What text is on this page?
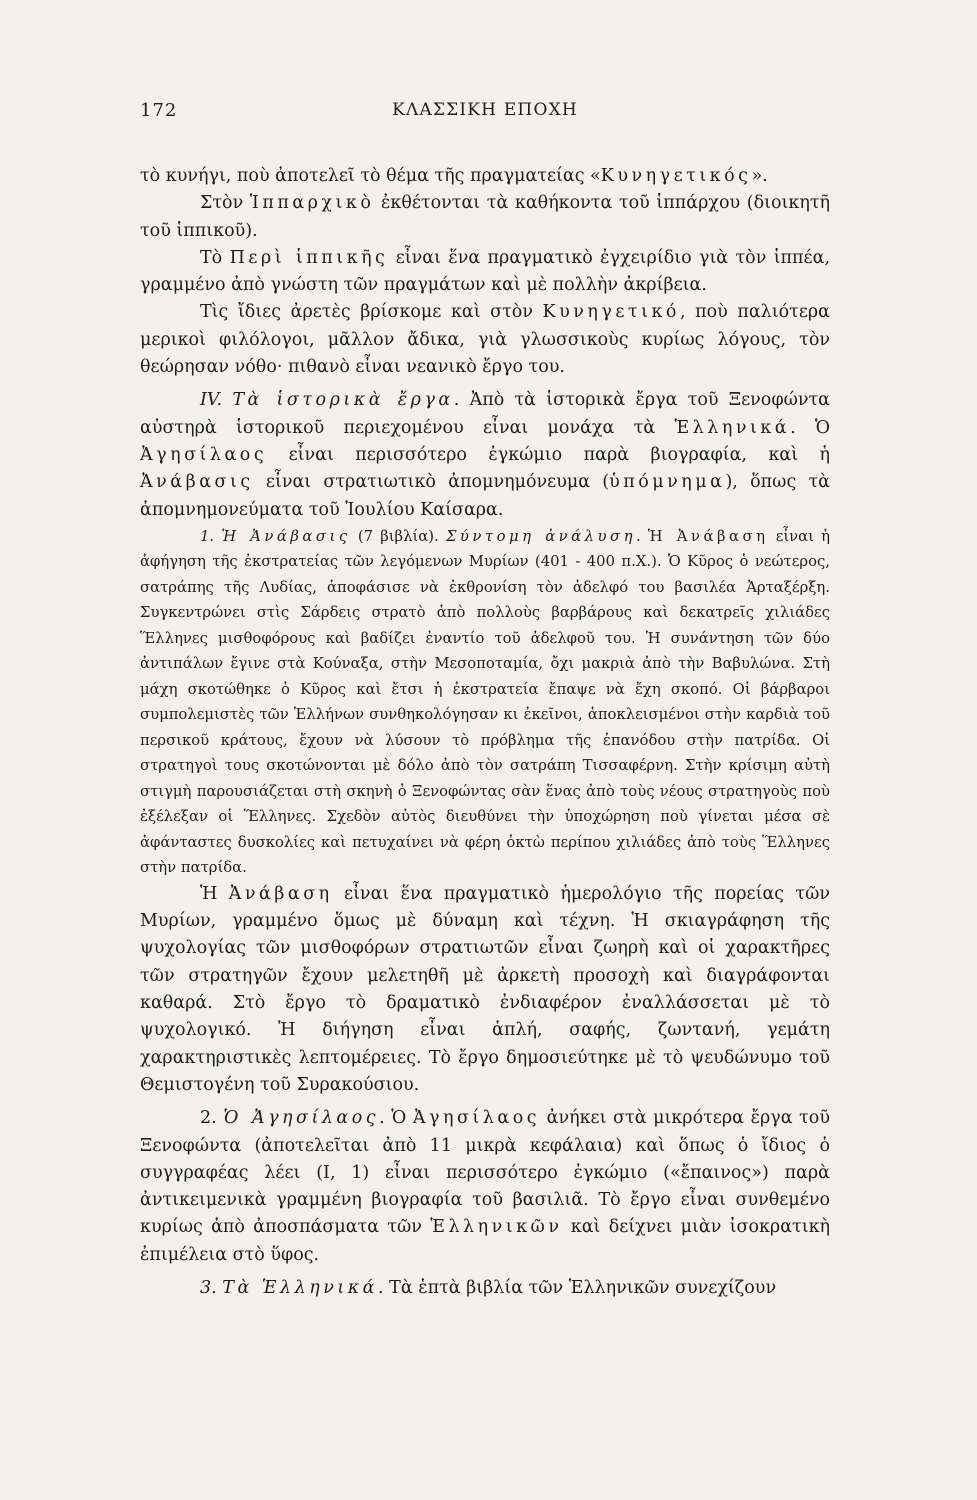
172	ΚΛΑΣΣΙΚΗ ΕΠΟΧΗ

τὸ κυνήγι, ποὺ ἀποτελεῖ τὸ θέμα τῆς πραγματείας «Κυνηγετικός».

Στὸν Ἱππαρχικὸ ἐκθέτονται τὰ καθήκοντα τοῦ ἱππάρχου (διοικητῆ τοῦ ἱππικοῦ).

Τὸ Περὶ ἱππικῆς εἶναι ἕνα πραγματικὸ ἐγχειρίδιο γιὰ τὸν ἱππέα, γραμμένο ἀπὸ γνώστη τῶν πραγμάτων καὶ μὲ πολλὴν ἀκρίβεια.

Τὶς ἴδιες ἀρετὲς βρίσκομε καὶ στὸν Κυνηγετικό, ποὺ παλιότερα μερικοὶ φιλόλογοι, μᾶλλον ἄδικα, γιὰ γλωσσικοὺς κυρίως λόγους, τὸν θεώρησαν νόθο· πιθανὸ εἶναι νεανικὸ ἔργο του.

IV. Τὰ ἱστορικὰ ἔργα. Ἀπὸ τὰ ἱστορικὰ ἔργα τοῦ Ξενοφώντα αὐστηρὰ ἱστορικοῦ περιεχομένου εἶναι μονάχα τὰ Ἑλληνικά. Ὁ Ἀγησίλαος εἶναι περισσότερο ἐγκώμιο παρὰ βιογραφία, καὶ ἡ Ἀνάβασις εἶναι στρατιωτικὸ ἀπομνημόνευμα (ὑπόμνημα), ὅπως τὰ ἀπομνημονεύματα τοῦ Ἰουλίου Καίσαρα.

1. Ἡ Ἀνάβασις (7 βιβλία). Σύντομη ἀνάλυση. Ἡ Ἀνάβαση εἶναι ἡ ἀφήγηση τῆς ἐκστρατείας τῶν λεγόμενων Μυρίων (401 - 400 π.Χ.). Ὁ Κῦρος ὁ νεώτερος, σατράπης τῆς Λυδίας, ἀποφάσισε νὰ ἐκθρονίση τὸν ἀδελφό του βασιλέα Ἀρταξέρξη. Συγκεντρώνει στὶς Σάρδεις στρατὸ ἀπὸ πολλοὺς βαρβάρους καὶ δεκατρεῖς χιλιάδες Ἕλληνες μισθοφόρους καὶ βαδίζει ἐναντίο τοῦ ἀδελφοῦ του. Ἡ συνάντηση τῶν δύο ἀντιπάλων ἔγινε στὰ Κούναξα, στὴν Μεσοποταμία, ὄχι μακριὰ ἀπὸ τὴν Βαβυλώνα. Στὴ μάχη σκοτώθηκε ὁ Κῦρος καὶ ἔτσι ἡ ἐκστρατεία ἔπαψε νὰ ἔχη σκοπό. Οἱ βάρβαροι συμπολεμιστὲς τῶν Ἑλλήνων συνθηκολόγησαν κι ἐκεῖνοι, ἀποκλεισμένοι στὴν καρδιὰ τοῦ περσικοῦ κράτους, ἔχουν νὰ λύσουν τὸ πρόβλημα τῆς ἐπανόδου στὴν πατρίδα. Οἱ στρατηγοὶ τους σκοτώνονται μὲ δόλο ἀπὸ τὸν σατράπη Τισσαφέρνη. Στὴν κρίσιμη αὐτὴ στιγμὴ παρουσιάζεται στὴ σκηνὴ ὁ Ξενοφώντας σὰν ἕνας ἀπὸ τοὺς νέους στρατηγοὺς ποὺ ἐξέλεξαν οἱ Ἕλληνες. Σχεδὸν αὐτὸς διευθύνει τὴν ὑποχώρηση ποὺ γίνεται μέσα σὲ ἀφάνταστες δυσκολίες καὶ πετυχαίνει νὰ φέρη ὀκτὼ περίπου χιλιάδες ἀπὸ τοὺς Ἕλληνες στὴν πατρίδα.

Ἡ Ἀνάβαση εἶναι ἕνα πραγματικὸ ἡμερολόγιο τῆς πορείας τῶν Μυρίων, γραμμένο ὅμως μὲ δύναμη καὶ τέχνη. Ἡ σκιαγράφηση τῆς ψυχολογίας τῶν μισθοφόρων στρατιωτῶν εἶναι ζωηρὴ καὶ οἱ χαρακτῆρες τῶν στρατηγῶν ἔχουν μελετηθῆ μὲ ἀρκετὴ προσοχὴ καὶ διαγράφονται καθαρά. Στὸ ἔργο τὸ δραματικὸ ἐνδιαφέρον ἐναλλάσσεται μὲ τὸ ψυχολογικό. Ἡ διήγηση εἶναι ἁπλή, σαφής, ζωντανή, γεμάτη χαρακτηριστικὲς λεπτομέρειες. Τὸ ἔργο δημοσιεύτηκε μὲ τὸ ψευδώνυμο τοῦ Θεμιστογένη τοῦ Συρακούσιου.

2. Ὁ Ἀγησίλαος. Ὁ Ἀγησίλαος ἀνήκει στὰ μικρότερα ἔργα τοῦ Ξενοφώντα (ἀποτελεῖται ἀπὸ 11 μικρὰ κεφάλαια) καὶ ὅπως ὁ ἴδιος ὁ συγγραφέας λέει (I, 1) εἶναι περισσότερο ἐγκώμιο («ἔπαινος») παρὰ ἀντικειμενικὰ γραμμένη βιογραφία τοῦ βασιλιᾶ. Τὸ ἔργο εἶναι συνθεμένο κυρίως ἀπὸ ἀποσπάσματα τῶν Ἑλληνικῶν καὶ δείχνει μιὰν ἰσοκρατικὴ ἐπιμέλεια στὸ ὕφος.

3. Τὰ Ἑλληνικά. Τὰ ἑπτὰ βιβλία τῶν Ἑλληνικῶν συνεχίζουν
